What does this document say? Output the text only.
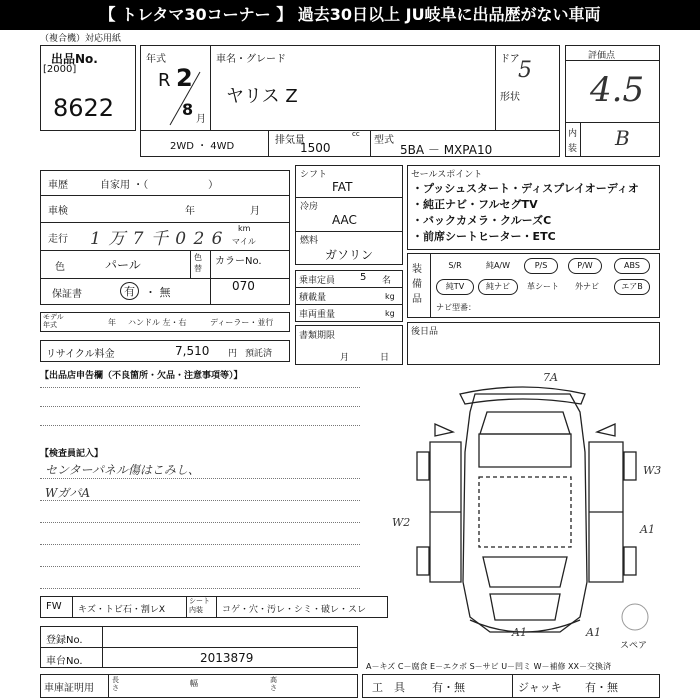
【 トレタマ30コーナー 】 過去30日以上 JU岐阜に出品歴がない車両
（複合機）対応用紙
出品No.
[2000]
8622
年式
R 2
8
月
車名・グレード
ヤリス Z
ドア
5
形状
2WD ・ 4WD
排気量
cc
1500
型式
5BA － MXPA10
評価点
4.5
内
装 B
車歴	自家用 ・（　　　　　　）
車検	年	月
走行 1 万 7 千 0 2 6
km
マイル
色	パール
色替
カラーNo.
070
保証書	有 ・ 無
モデル年式	年 ハンドル 左・右	ディーラー・並行
リサイクル料金	7,510 円 預託済
シフト
FAT
冷房
AAC
燃料
ガソリン
乗車定員 5 名
積載量	kg
車両重量	kg
書類期限
月	日
セールスポイント
・プッシュスタート・ディスプレイオーディオ
・純正ナビ・フルセグTV
・バックカメラ・クルーズC
・前席シートヒーター・ETC
装備品
S/R	純A/W	P/S	P/W	ABS
純TV	純ナビ	革シート	外ナビ	エアB
ナビ型番：
後日品
【出品店申告欄（不良箇所・欠品・注意事項等）】
【検査員記入】
センターパネル傷はこみし、
WガパA
7A
W3
W2
A1
A1	A1
スペア
A－キズ C－腐食 E－エクボ S－サビ U－凹ミ W－補修 XX－交換済
FW キズ・トビ石・割レX
シート内装	コゲ・穴・汚レ・シミ・破レ・スレ
登録No.
車台No.	2013879
車庫証明用
長さ	幅	高さ	工　具 有・無	ジャッキ 有・無
